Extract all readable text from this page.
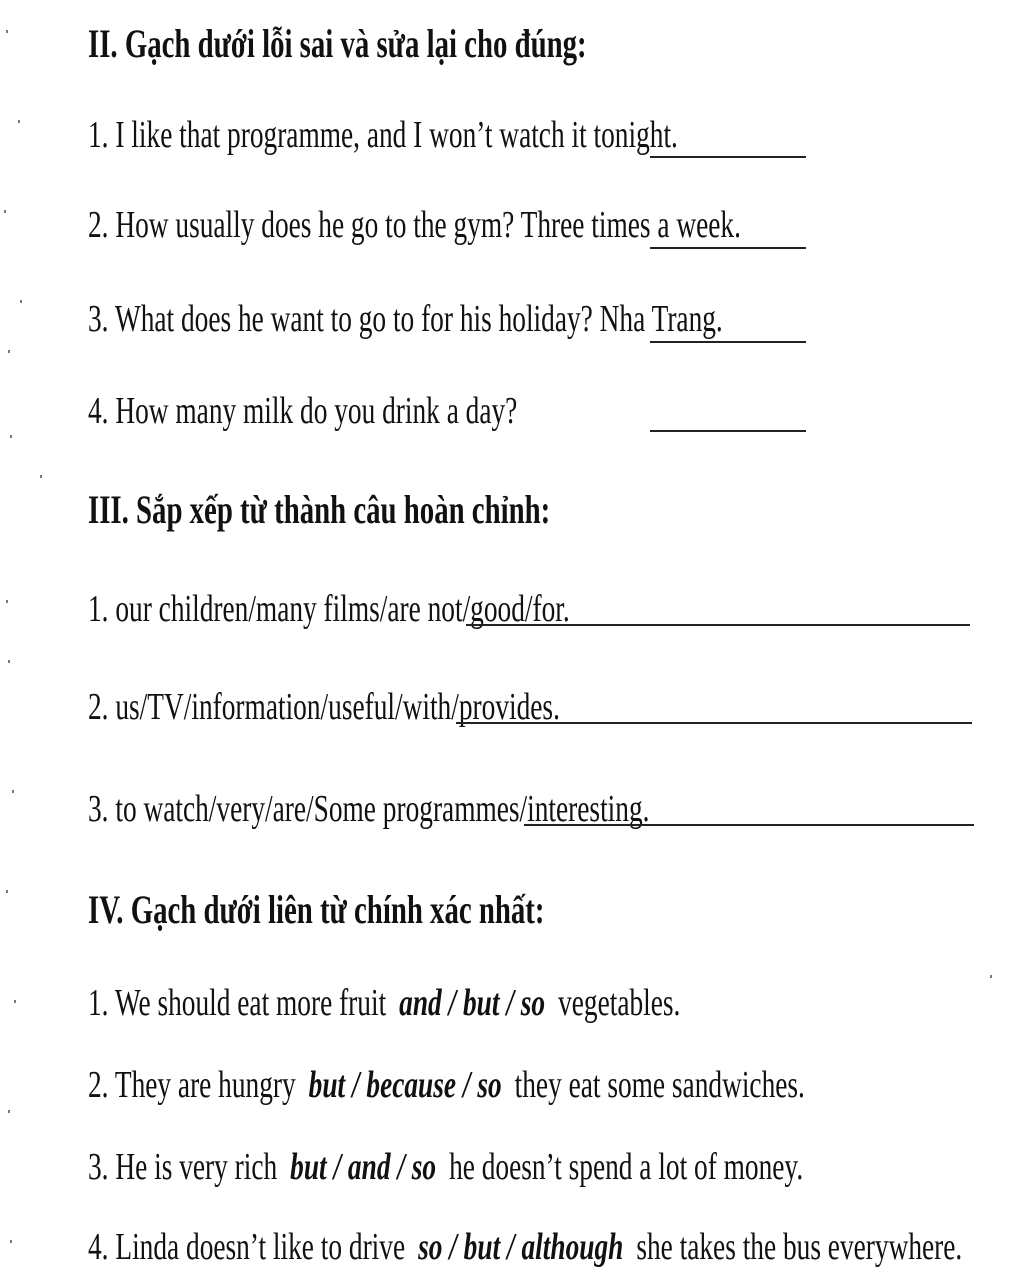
II. Gạch dưới lỗi sai và sửa lại cho đúng:
1. I like that programme, and I won’t watch it tonight.
2. How usually does he go to the gym? Three times a week.
3. What does he want to go to for his holiday? Nha Trang.
4. How many milk do you drink a day?
III. Sắp xếp từ thành câu hoàn chỉnh:
1. our children/many films/are not/good/for.
2. us/TV/information/useful/with/provides.
3. to watch/very/are/Some programmes/interesting.
IV. Gạch dưới liên từ chính xác nhất:
1. We should eat more fruit and / but / so vegetables.
2. They are hungry but / because / so they eat some sandwiches.
3. He is very rich but / and / so he doesn’t spend a lot of money.
4. Linda doesn’t like to drive so / but / although she takes the bus everywhere.
